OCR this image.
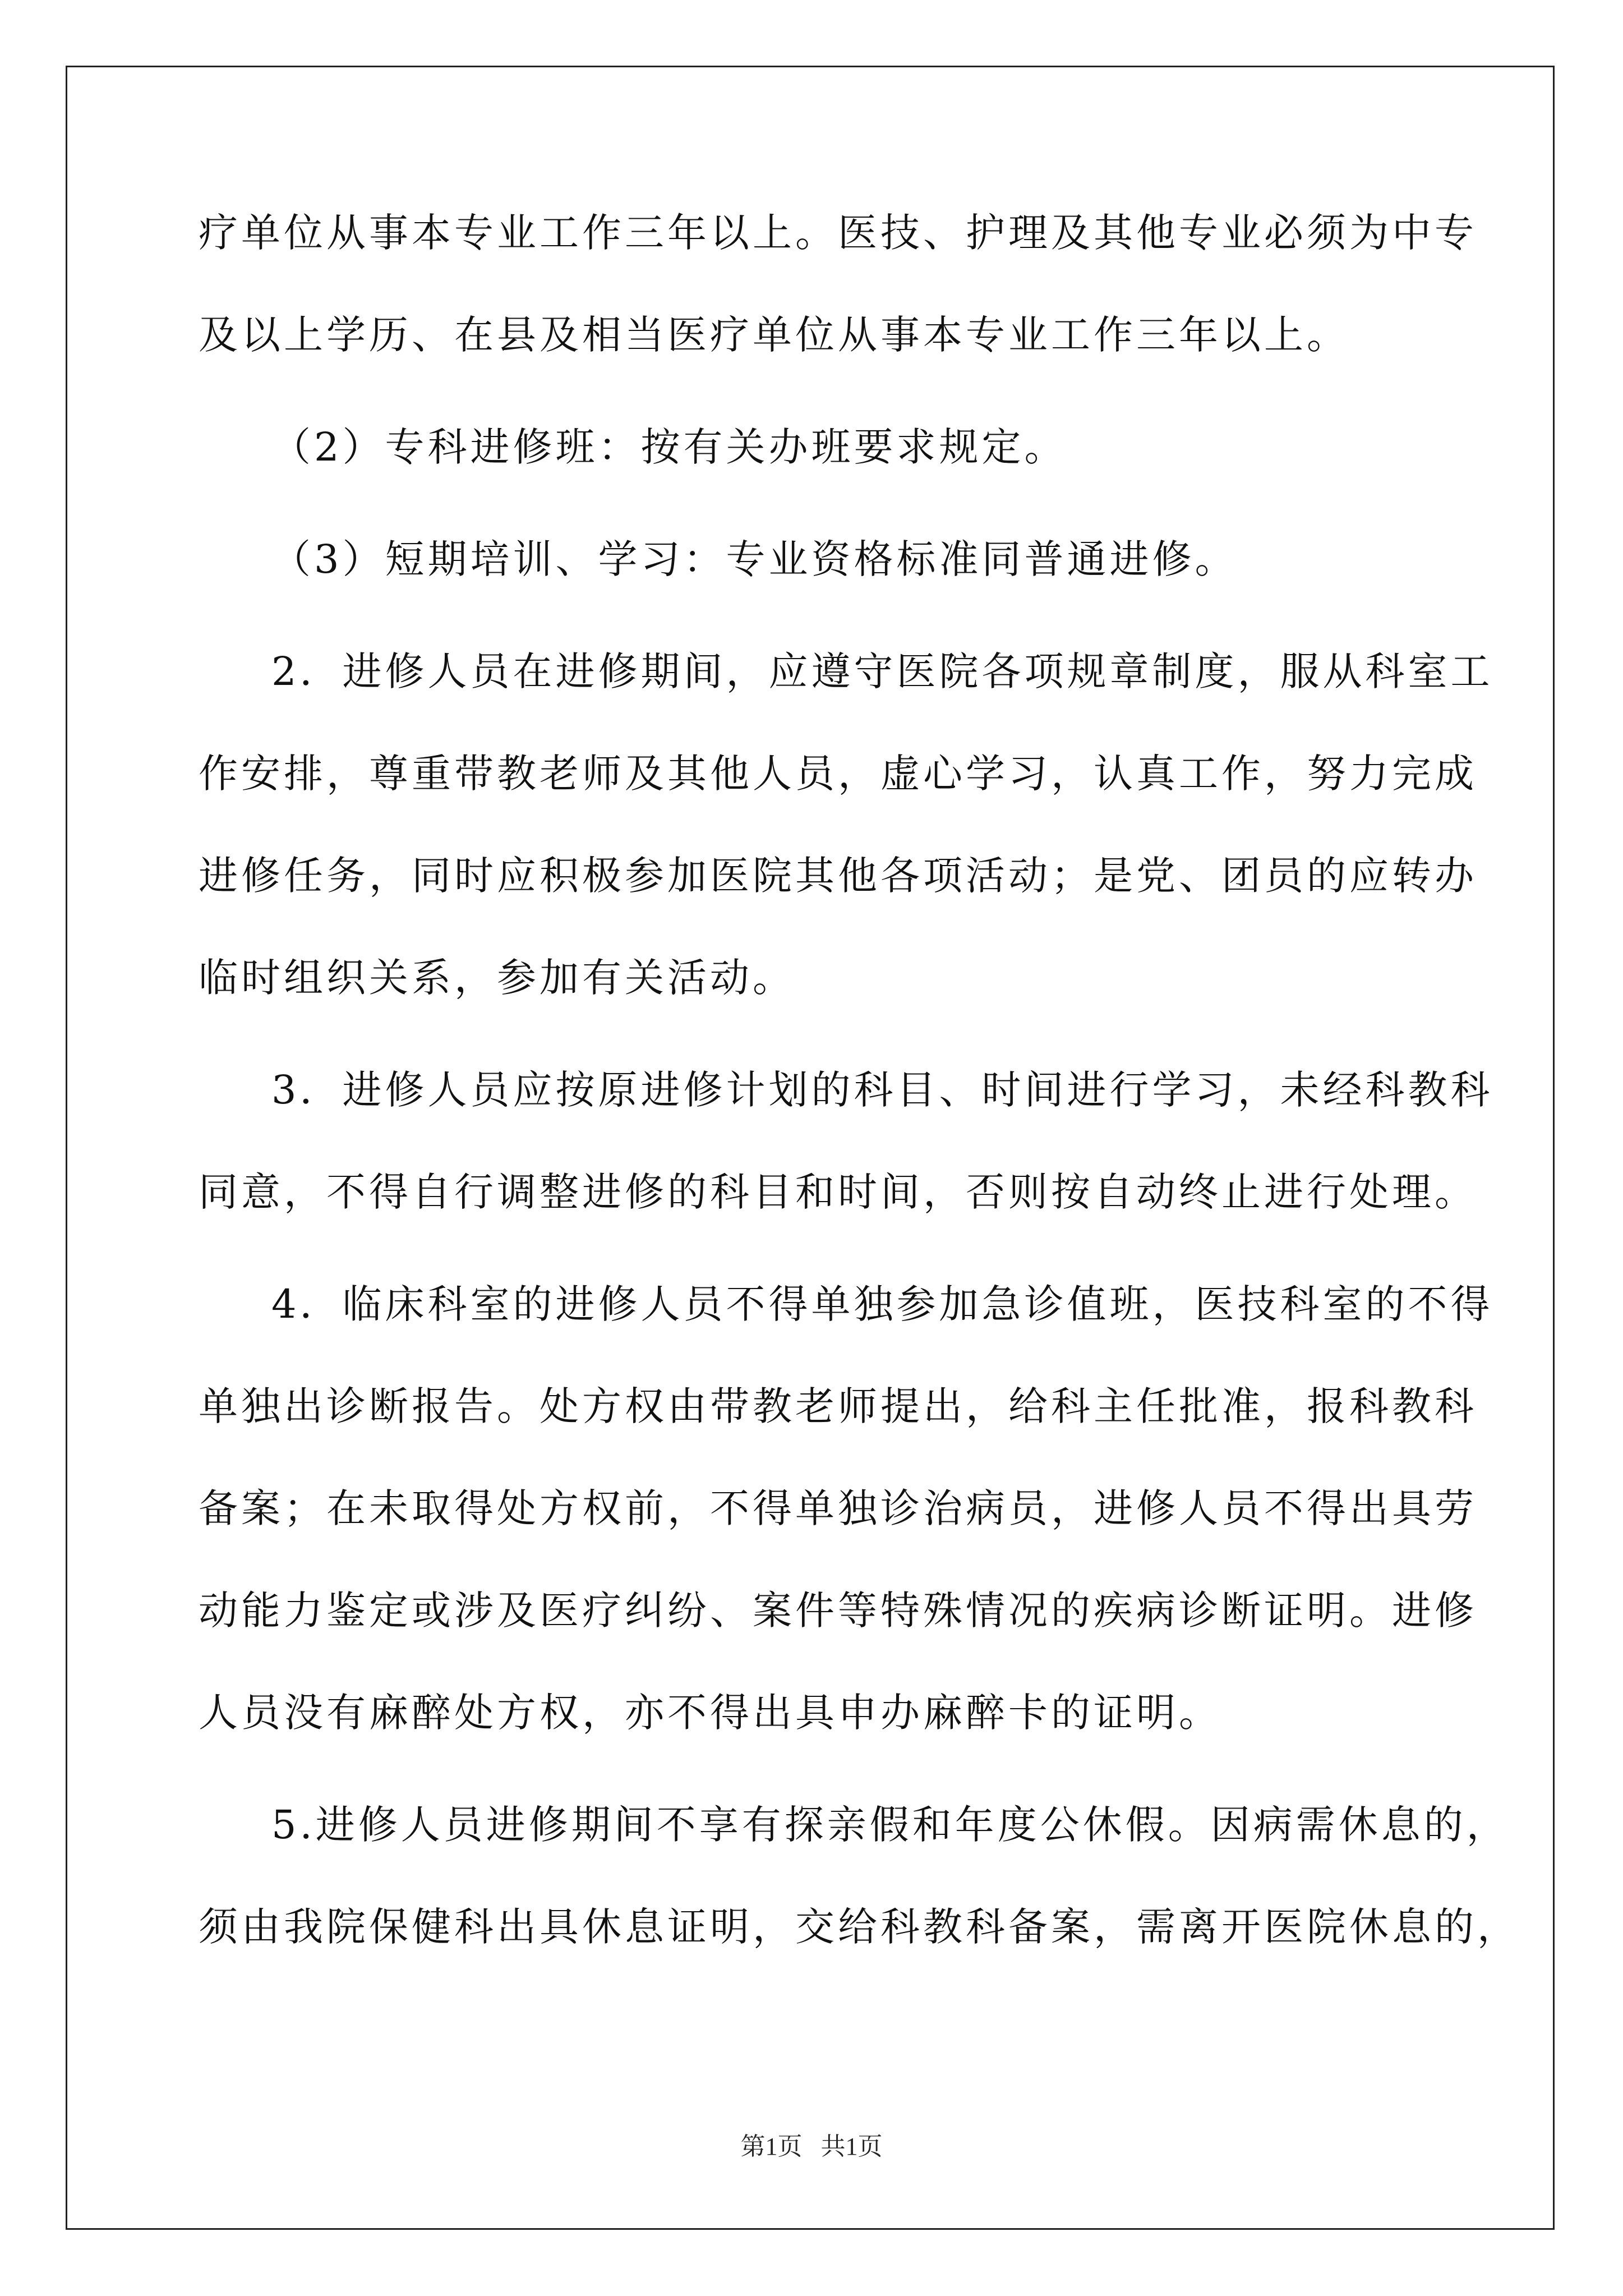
疗单位从事本专业工作三年以上。医技、护理及其他专业必须为中专
及以上学历、在县及相当医疗单位从事本专业工作三年以上。
（2）专科进修班：按有关办班要求规定。
（3）短期培训、学习：专业资格标准同普通进修。
2．进修人员在进修期间，应遵守医院各项规章制度，服从科室工
作安排，尊重带教老师及其他人员，虚心学习，认真工作，努力完成
进修任务，同时应积极参加医院其他各项活动；是党、团员的应转办
临时组织关系，参加有关活动。
3．进修人员应按原进修计划的科目、时间进行学习，未经科教科
同意，不得自行调整进修的科目和时间，否则按自动终止进行处理。
4．临床科室的进修人员不得单独参加急诊值班，医技科室的不得
单独出诊断报告。处方权由带教老师提出，给科主任批准，报科教科
备案；在未取得处方权前，不得单独诊治病员，进修人员不得出具劳
动能力鉴定或涉及医疗纠纷、案件等特殊情况的疾病诊断证明。进修
人员没有麻醉处方权，亦不得出具申办麻醉卡的证明。
5.进修人员进修期间不享有探亲假和年度公休假。因病需休息的，
须由我院保健科出具休息证明，交给科教科备案，需离开医院休息的，
第1页   共1页
